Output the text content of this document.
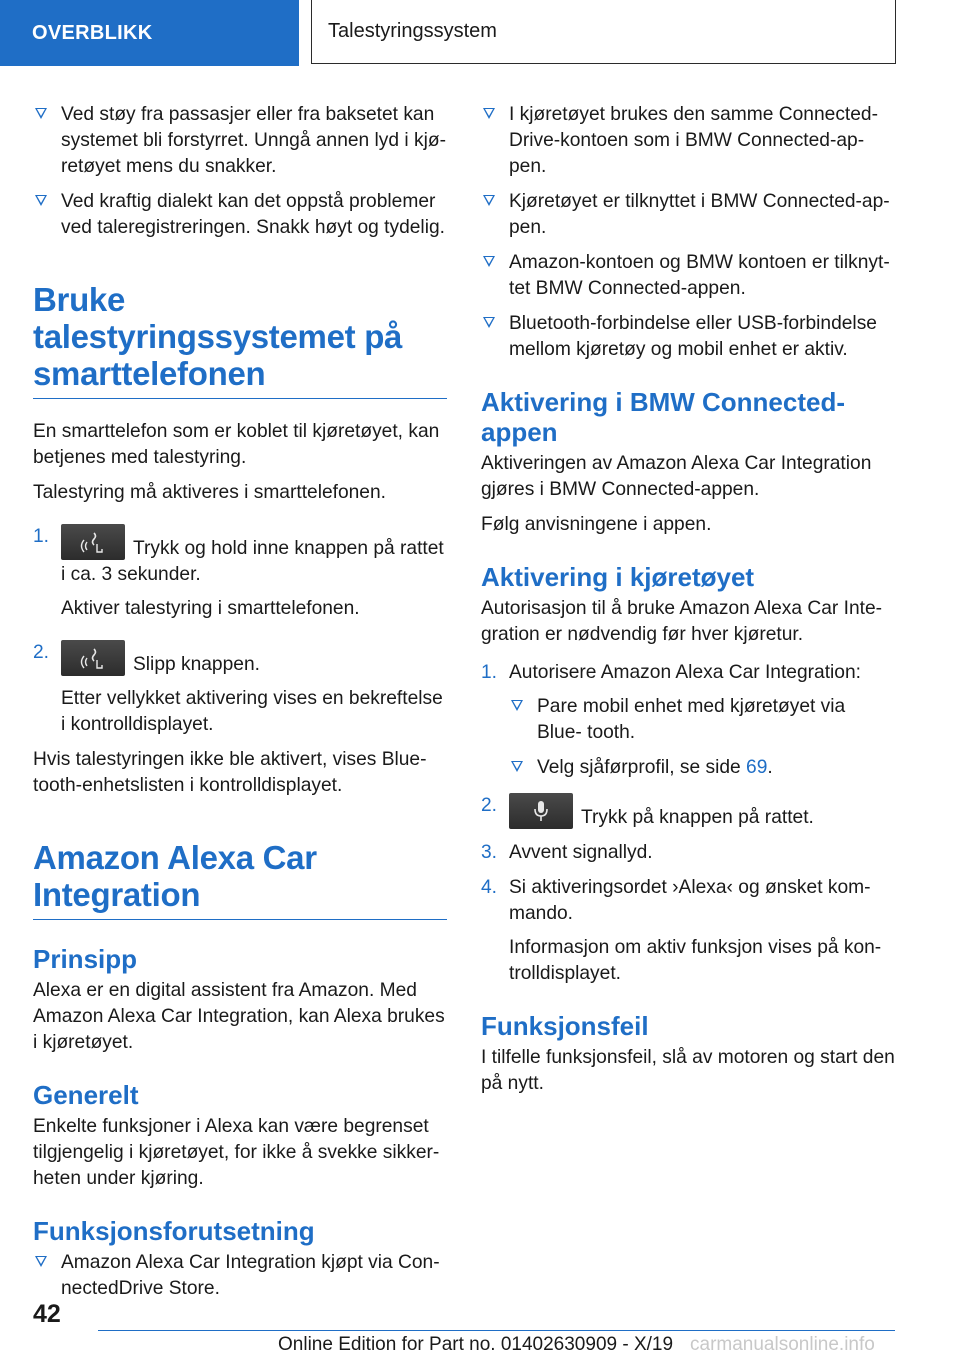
OVERBLIKK	Talestyringssystem
Ved støy fra passasjer eller fra baksetet kan systemet bli forstyrret. Unngå annen lyd i kjø‐ retøyet mens du snakker.
Ved kraftig dialekt kan det oppstå problemer ved taleregistreringen. Snakk høyt og tydelig.
Bruke talestyringssystemet på smarttelefonen

En smarttelefon som er koblet til kjøretøyet, kan betjenes med talestyring.

Talestyring må aktiveres i smarttelefonen.

1.
Trykk og hold inne knappen på rattet i ca. 3 sekunder.
Aktiver talestyring i smarttelefonen.
2.
Slipp knappen.
Etter vellykket aktivering vises en bekreftelse i kontrolldisplayet.

Hvis talestyringen ikke ble aktivert, vises Blue‐ tooth-enhetslisten i kontrolldisplayet.

Amazon Alexa Car Integration
Prinsipp

Alexa er en digital assistent fra Amazon. Med Amazon Alexa Car Integration, kan Alexa brukes i kjøretøyet.

Generelt

Enkelte funksjoner i Alexa kan være begrenset tilgjengelig i kjøretøyet, for ikke å svekke sikker‐ heten under kjøring.

Funksjonsforutsetning
Amazon Alexa Car Integration kjøpt via Con‐ nectedDrive Store.
I kjøretøyet brukes den samme Connected‐ Drive-kontoen som i BMW Connected-ap‐ pen.
Kjøretøyet er tilknyttet i BMW Connected-ap‐ pen.
Amazon-kontoen og BMW kontoen er tilknyt‐ tet BMW Connected-appen.
Bluetooth-forbindelse eller USB-forbindelse mellom kjøretøy og mobil enhet er aktiv.
Aktivering i BMW Connected-appen

Aktiveringen av Amazon Alexa Car Integration gjøres i BMW Connected-appen.

Følg anvisningene i appen.

Aktivering i kjøretøyet

Autorisasjon til å bruke Amazon Alexa Car Inte‐ gration er nødvendig før hver kjøretur.

1. Autorisere Amazon Alexa Car Integration:
Pare mobil enhet med kjøretøyet via Blue‐ tooth.
Velg sjåførprofil, se side 69.
2.
Trykk på knappen på rattet.
3. Avvent signallyd.
4. Si aktiveringsordet ›Alexa‹ og ønsket kom‐ mando.
Informasjon om aktiv funksjon vises på kon‐ trolldisplayet.
Funksjonsfeil

I tilfelle funksjonsfeil, slå av motoren og start den på nytt.

42
Online Edition for Part no. 01402630909 - X/19 carmanualsonline.info
